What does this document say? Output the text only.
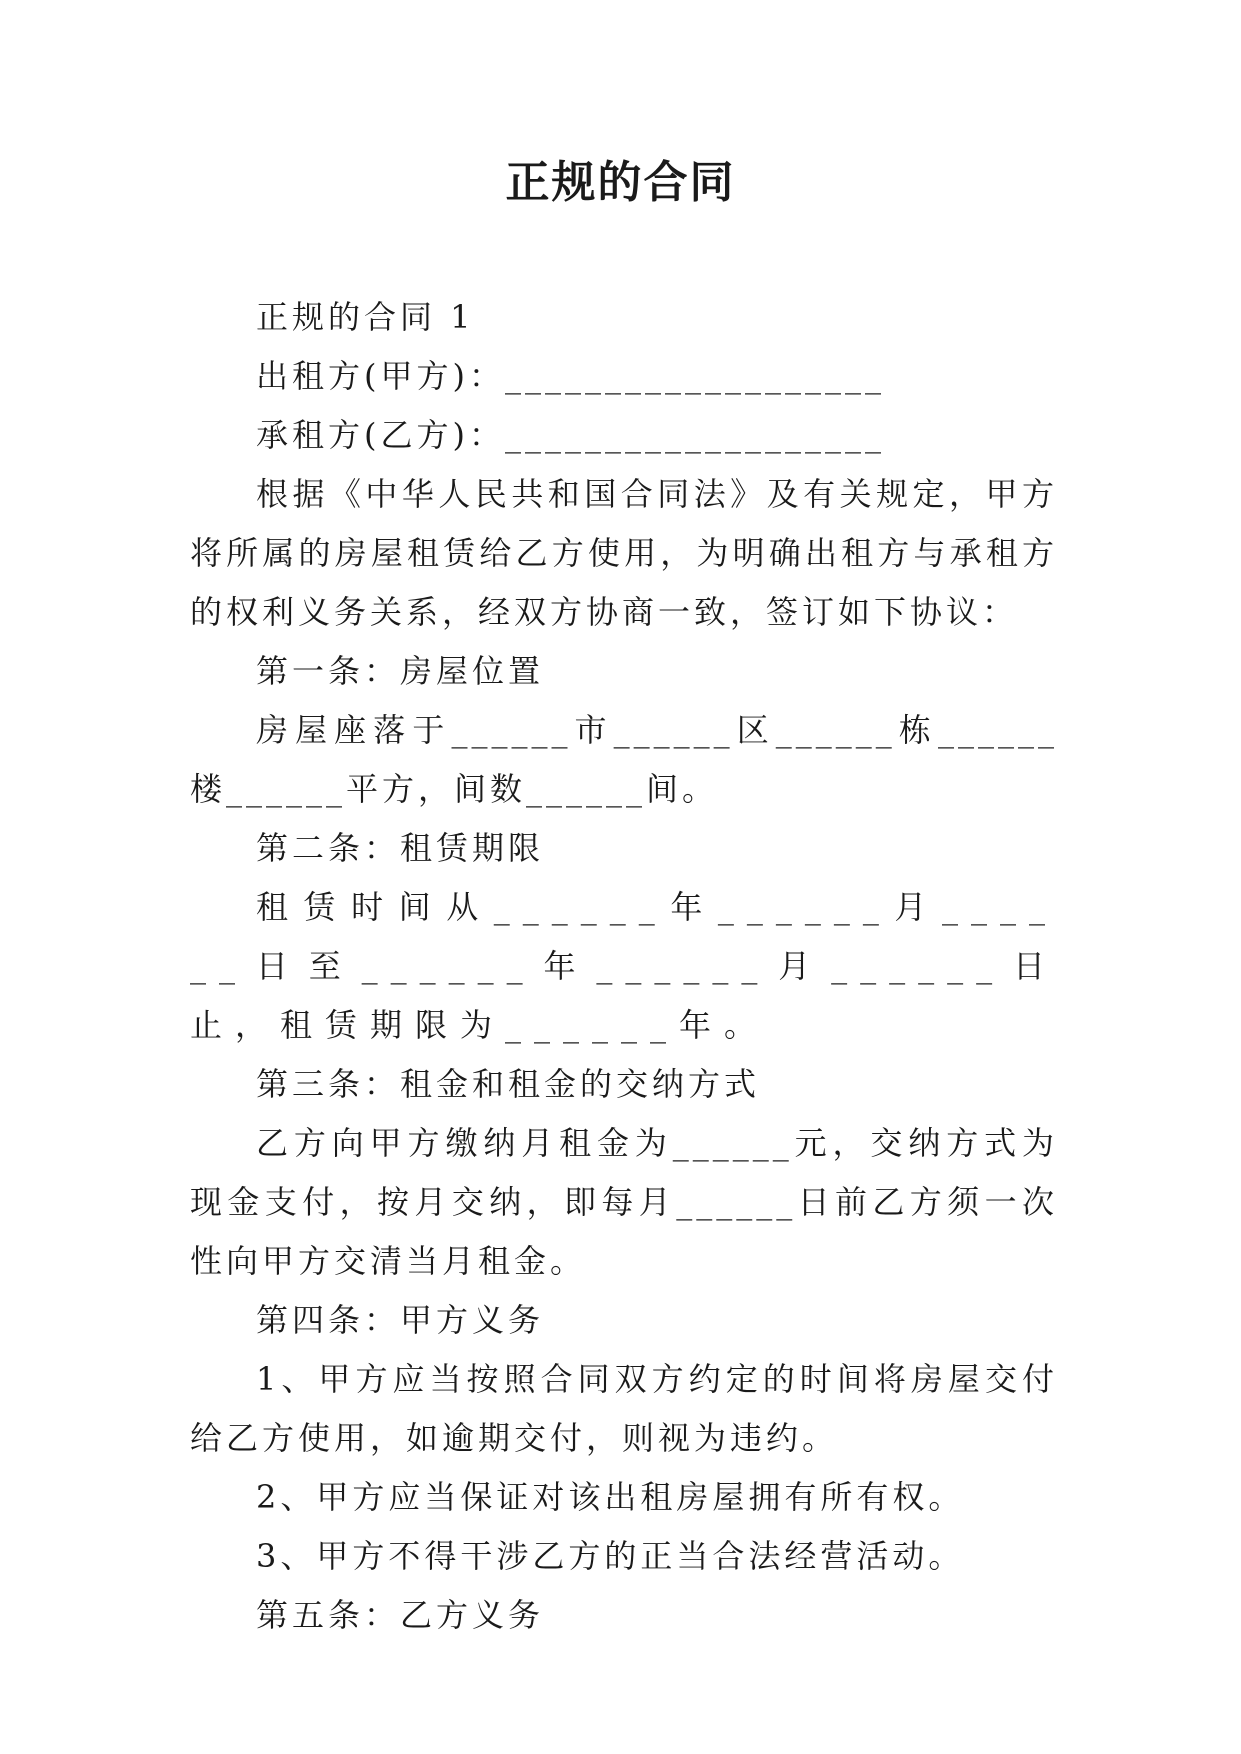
正规的合同

正规的合同 1

出租方(甲方)：___________________

承租方(乙方)：___________________

根据《中华人民共和国合同法》及有关规定，甲方将所属的房屋租赁给乙方使用，为明确出租方与承租方的权利义务关系，经双方协商一致，签订如下协议：

第一条：房屋位置

房屋座落于______市______区______栋______楼______平方，间数______间。

第二条：租赁期限

租赁时间从______年______月______日至______年______月______日止，租赁期限为______年。

第三条：租金和租金的交纳方式

乙方向甲方缴纳月租金为______元，交纳方式为现金支付，按月交纳，即每月______日前乙方须一次性向甲方交清当月租金。

第四条：甲方义务

1、甲方应当按照合同双方约定的时间将房屋交付给乙方使用，如逾期交付，则视为违约。

2、甲方应当保证对该出租房屋拥有所有权。

3、甲方不得干涉乙方的正当合法经营活动。

第五条：乙方义务
